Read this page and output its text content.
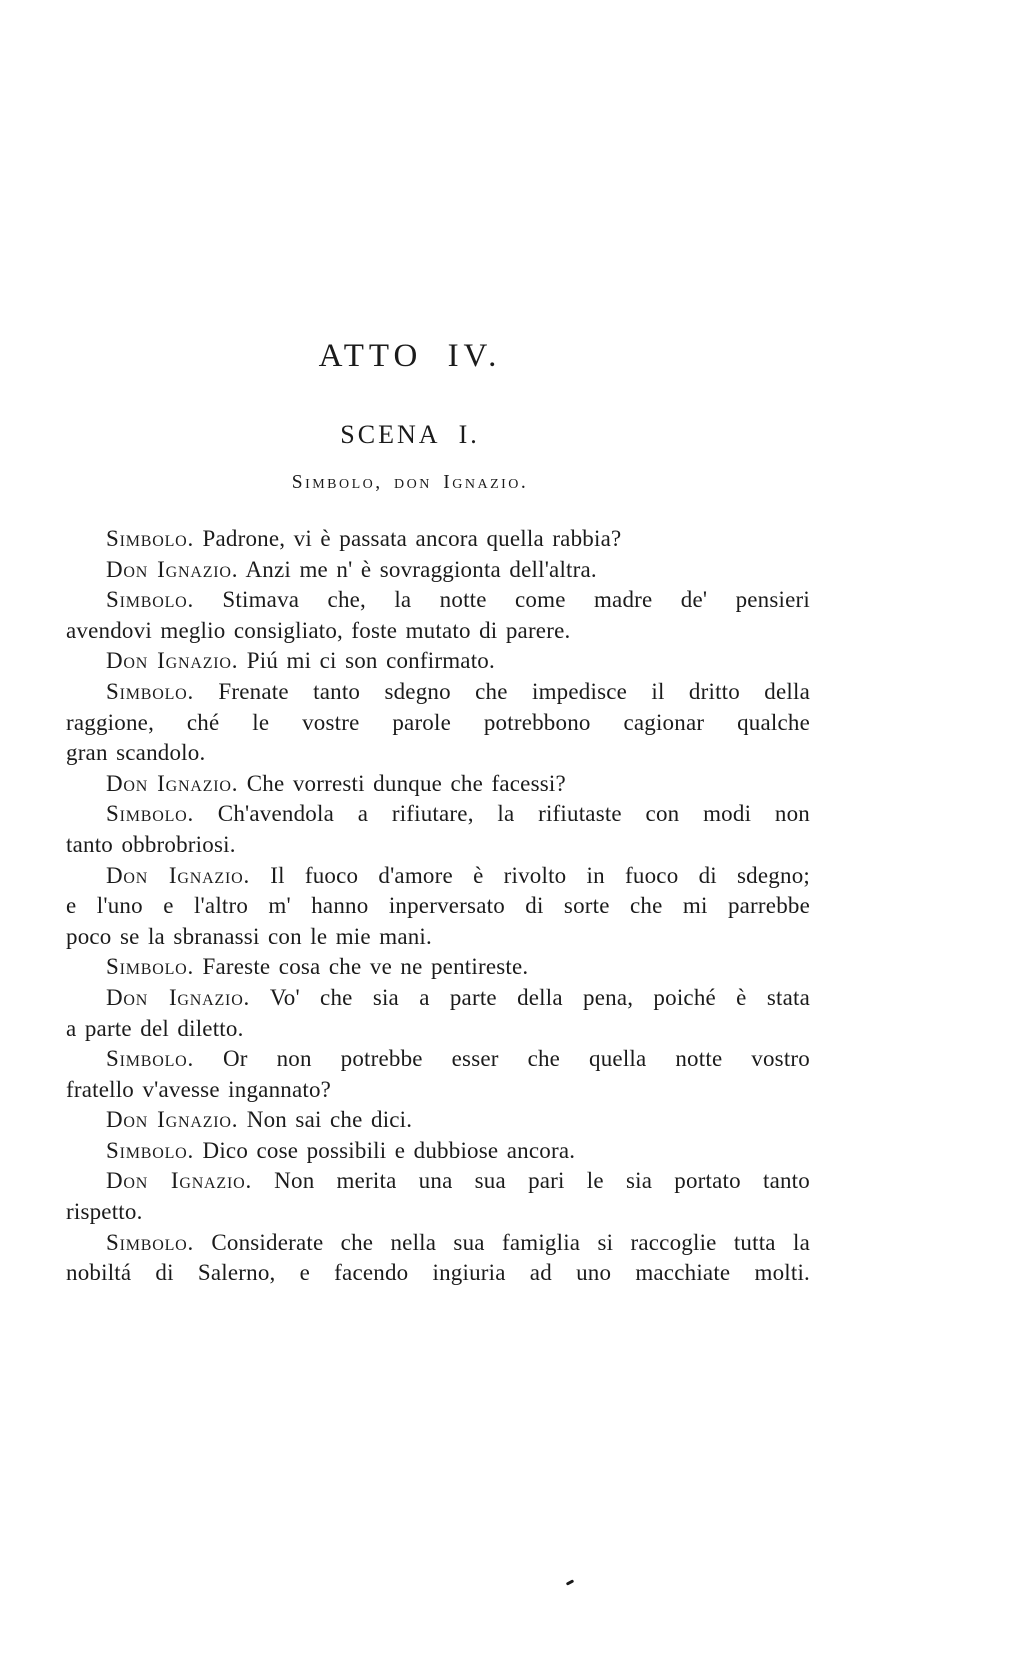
ATTO IV.
SCENA I.
Simbolo, don Ignazio.
Simbolo. Padrone, vi è passata ancora quella rabbia?
Don Ignazio. Anzi me n' è sovraggionta dell'altra.
Simbolo. Stimava che, la notte come madre de' pensieri
avendovi meglio consigliato, foste mutato di parere.
Don Ignazio. Piú mi ci son confirmato.
Simbolo. Frenate tanto sdegno che impedisce il dritto della
raggione, ché le vostre parole potrebbono cagionar qualche
gran scandolo.
Don Ignazio. Che vorresti dunque che facessi?
Simbolo. Ch'avendola a rifiutare, la rifiutaste con modi non
tanto obbrobriosi.
Don Ignazio. Il fuoco d'amore è rivolto in fuoco di sdegno;
e l'uno e l'altro m' hanno inperversato di sorte che mi parrebbe
poco se la sbranassi con le mie mani.
Simbolo. Fareste cosa che ve ne pentireste.
Don Ignazio. Vo' che sia a parte della pena, poiché è stata
a parte del diletto.
Simbolo. Or non potrebbe esser che quella notte vostro
fratello v'avesse ingannato?
Don Ignazio. Non sai che dici.
Simbolo. Dico cose possibili e dubbiose ancora.
Don Ignazio. Non merita una sua pari le sia portato tanto
rispetto.
Simbolo. Considerate che nella sua famiglia si raccoglie tutta la
nobiltá di Salerno, e facendo ingiuria ad uno macchiate molti.
